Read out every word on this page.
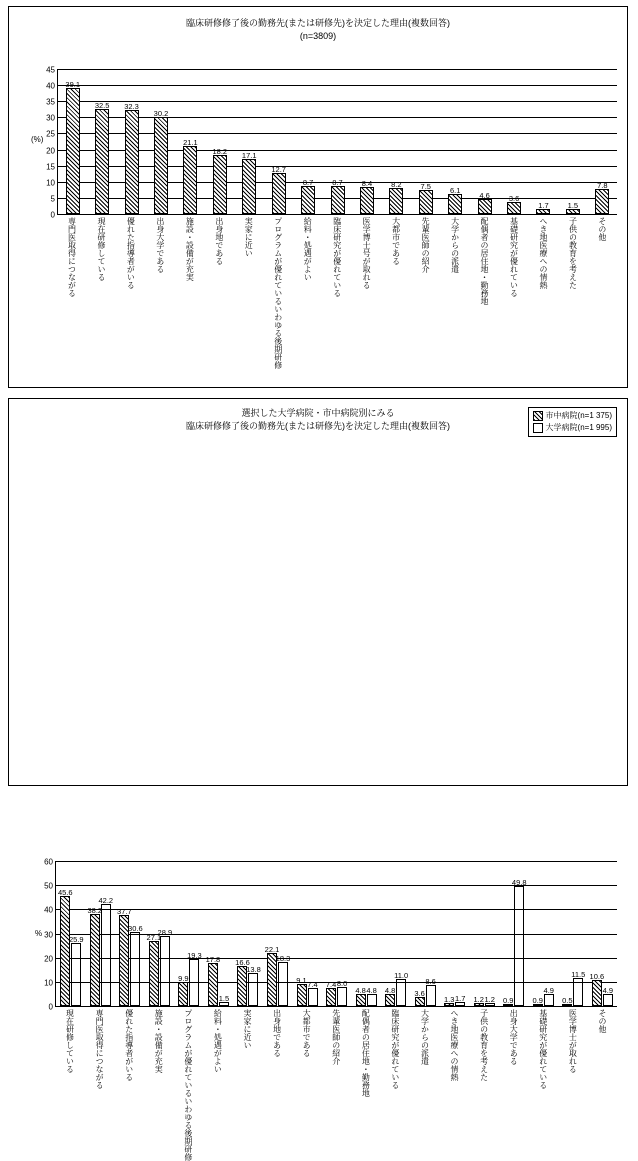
臨床研修修了後の勤務先(または研修先)を決定した理由(複数回答)
(n=3809)
(%)
45
40
35
30
25
20
15
10
5
0
39.1
32.5 32.3
30.2
21.1
18.2 17.1
12.7
8.7	8.7	8.4	8.2	7.5
6.1
4.6	3.6
1.7	1.5
7.8
専門医取得につながる	現在研修している	優れた指導者がいる	出身大学である	施設・設備が充実	出身地である	実家に近い	プログラムが優れているいわゆる後期研修	給料・処遇がよい	臨床研究が優れている	医学博士号が取れる	大都市である	先輩医師の紹介	大学からの派遣	配偶者の居住地・勤務地	基礎研究が優れている	へき地医療への情熱	子供の教育を考えた	その他
選択した大学病院・市中病院別にみる
臨床研修修了後の勤務先(または研修先)を決定した理由(複数回答)
市中病院(n=1 375)
大学病院(n=1 995)
%
60
50
40
30
20
10
0
45.6
25.9
38.2
42.2
37.7
30.6
27.1
28.9
9.9
19.3 17.8
1.5
16.6
13.8
22.1
18.3
9.1 7.4 7.4 8.0
4.8 4.8 4.8
11.0
3.6
8.6
1.3 1.7 1.2 1.2 0.9
49.8
0.9
4.9
0.5
11.5 10.6
4.9
現在研修している	専門医取得につながる	優れた指導者がいる	施設・設備が充実	プログラムが優れているいわゆる後期研修	給料・処遇がよい	実家に近い	出身地である	大都市である	先輩医師の紹介	配偶者の居住地・勤務地	臨床研究が優れている	大学からの派遣	へき地医療への情熱	子供の教育を考えた	出身大学である	基礎研究が優れている	医学博士が取れる	その他
